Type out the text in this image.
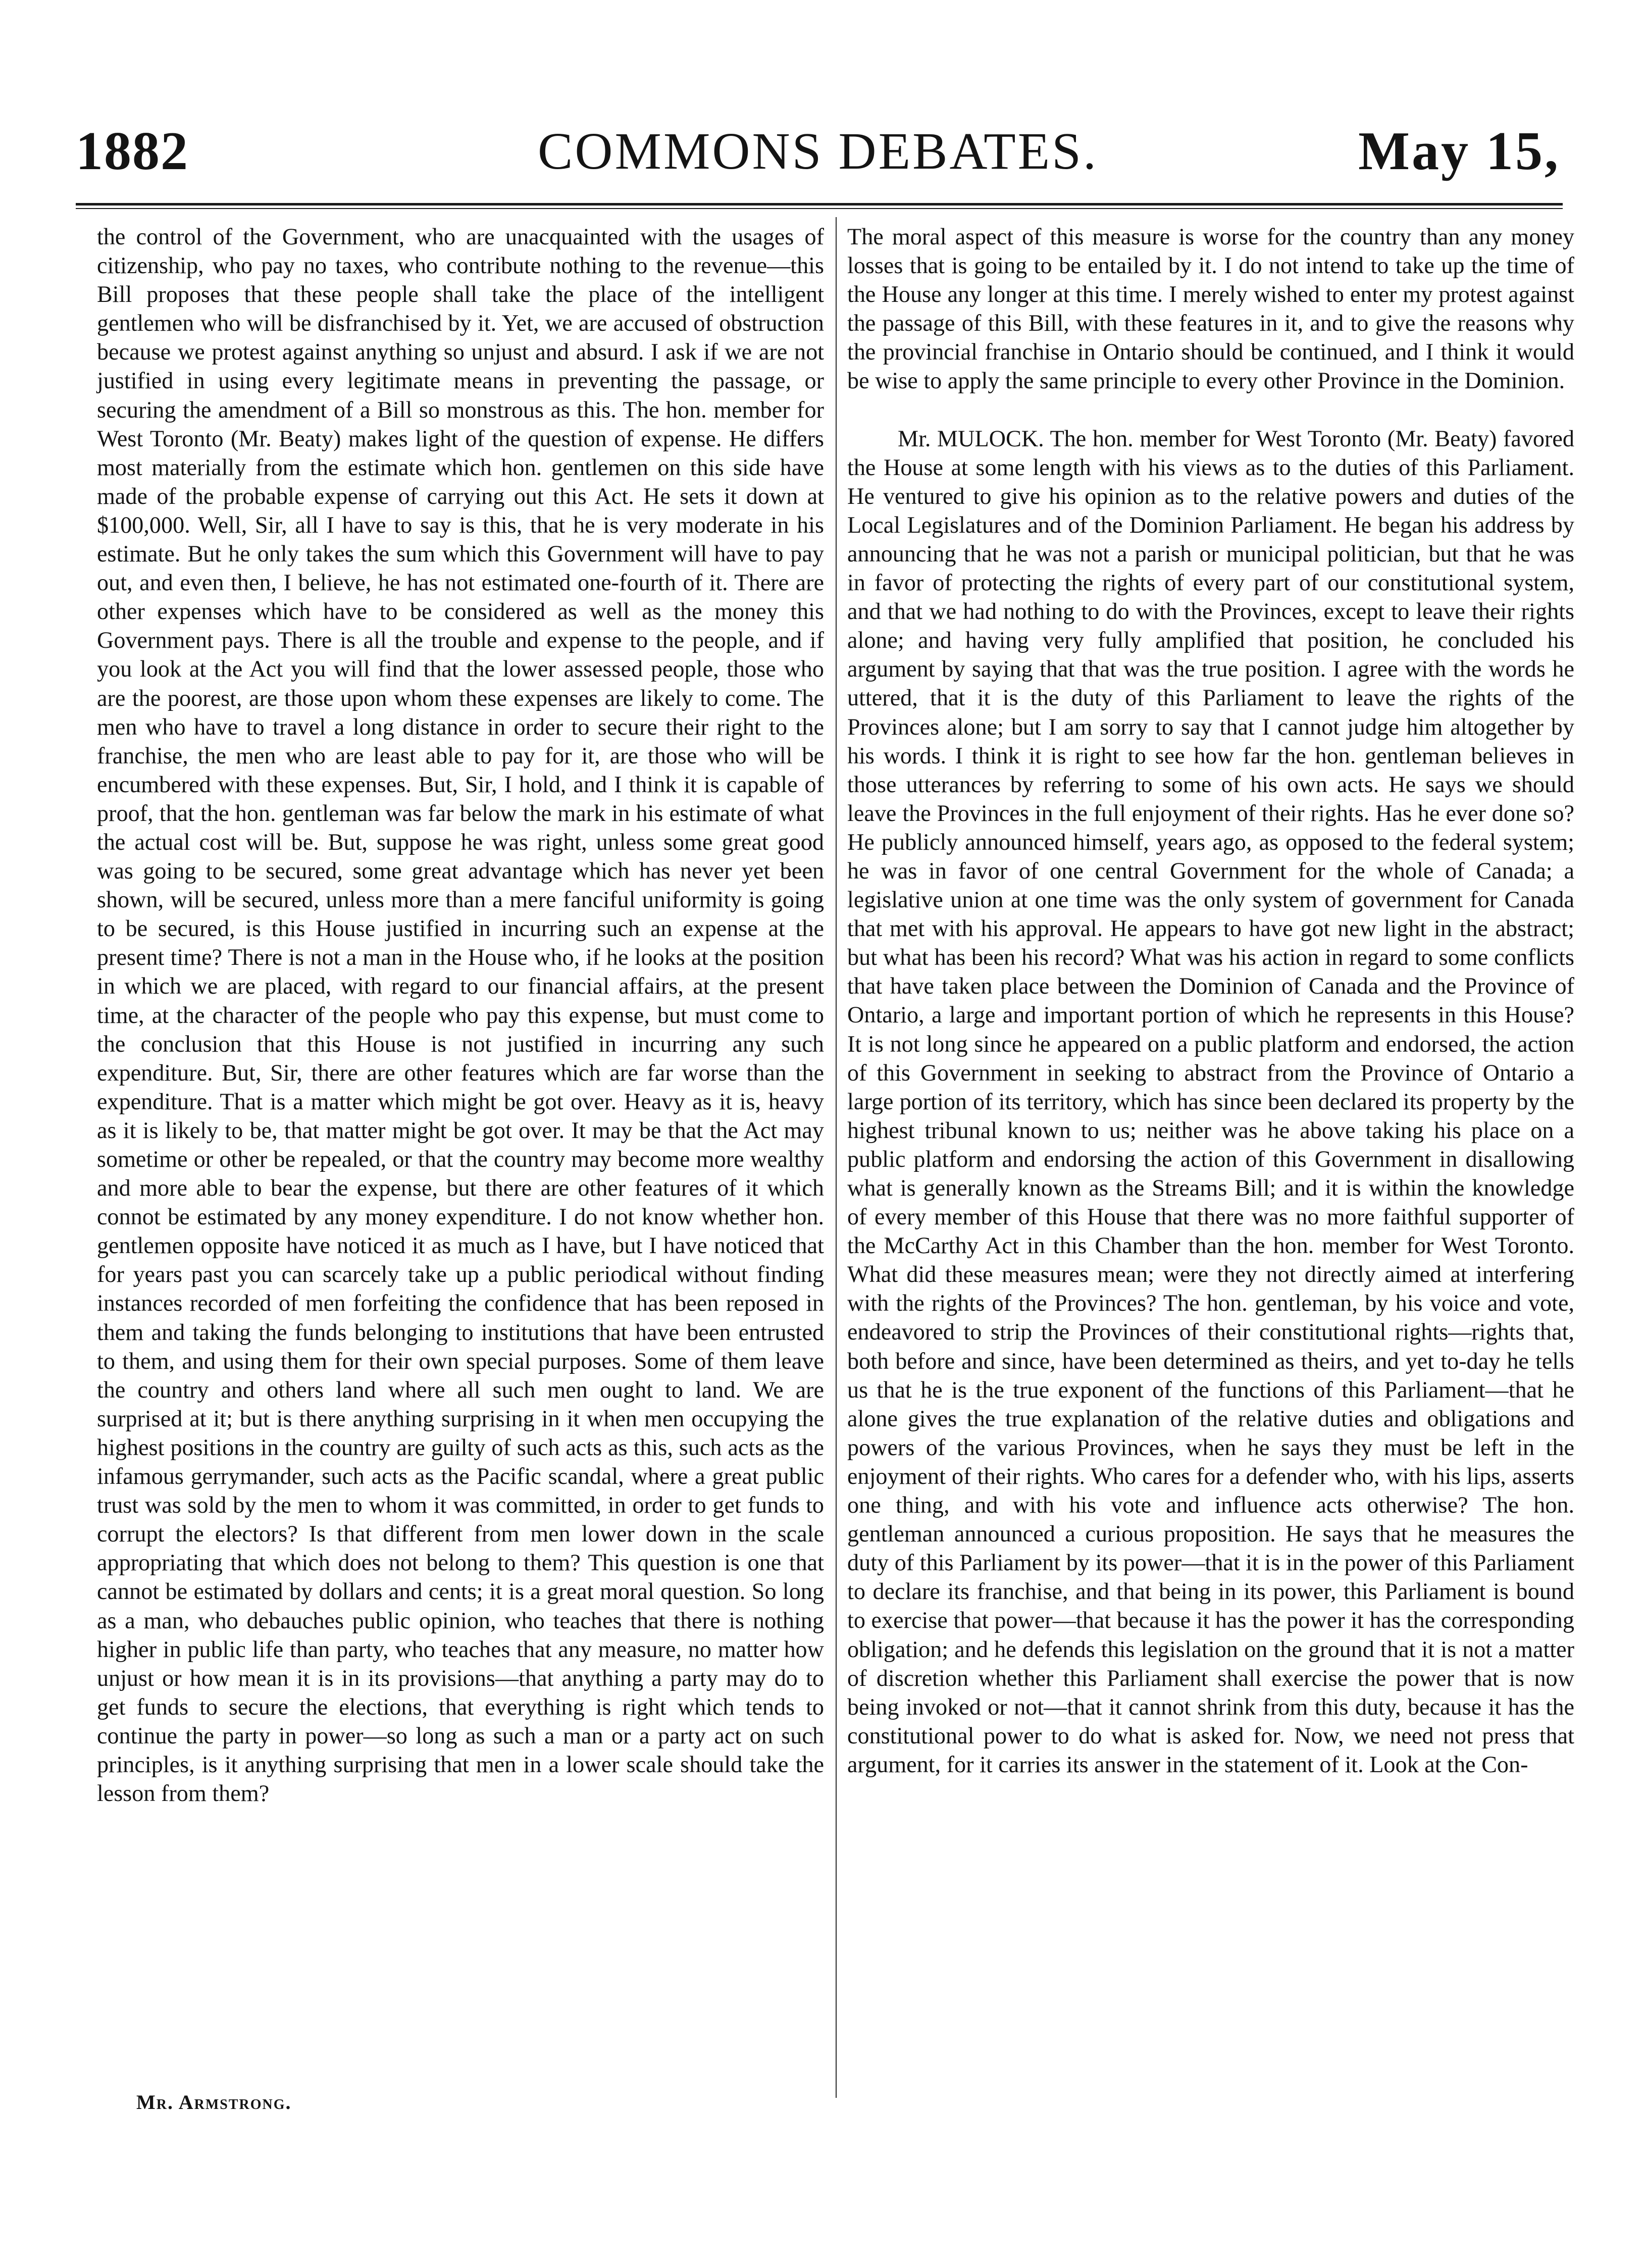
1882	COMMONS DEBATES.	May 15,

the control of the Government, who are unacquainted with the usages of citizenship, who pay no taxes, who contribute nothing to the revenue—this Bill proposes that these people shall take the place of the intelligent gentlemen who will be disfranchised by it. Yet, we are accused of obstruction because we protest against anything so unjust and absurd. I ask if we are not justified in using every legitimate means in preventing the passage, or securing the amendment of a Bill so monstrous as this. The hon. member for West Toronto (Mr. Beaty) makes light of the question of expense. He differs most materially from the estimate which hon. gentlemen on this side have made of the probable expense of carrying out this Act. He sets it down at $100,000. Well, Sir, all I have to say is this, that he is very moderate in his estimate. But he only takes the sum which this Government will have to pay out, and even then, I believe, he has not estimated one-fourth of it. There are other expenses which have to be considered as well as the money this Government pays. There is all the trouble and expense to the people, and if you look at the Act you will find that the lower assessed people, those who are the poorest, are those upon whom these expenses are likely to come. The men who have to travel a long distance in order to secure their right to the franchise, the men who are least able to pay for it, are those who will be encumbered with these expenses. But, Sir, I hold, and I think it is capable of proof, that the hon. gentleman was far below the mark in his estimate of what the actual cost will be. But, suppose he was right, unless some great good was going to be secured, some great advantage which has never yet been shown, will be secured, unless more than a mere fanciful uniformity is going to be secured, is this House justified in incurring such an expense at the present time? There is not a man in the House who, if he looks at the position in which we are placed, with regard to our financial affairs, at the present time, at the character of the people who pay this expense, but must come to the conclusion that this House is not justified in incurring any such expenditure. But, Sir, there are other features which are far worse than the expenditure. That is a matter which might be got over. Heavy as it is, heavy as it is likely to be, that matter might be got over. It may be that the Act may sometime or other be repealed, or that the country may become more wealthy and more able to bear the expense, but there are other features of it which connot be estimated by any money expenditure. I do not know whether hon. gentlemen opposite have noticed it as much as I have, but I have noticed that for years past you can scarcely take up a public periodical without finding instances recorded of men forfeiting the confidence that has been reposed in them and taking the funds belonging to institutions that have been entrusted to them, and using them for their own special purposes. Some of them leave the country and others land where all such men ought to land. We are surprised at it; but is there anything surprising in it when men occupying the highest positions in the country are guilty of such acts as this, such acts as the infamous gerrymander, such acts as the Pacific scandal, where a great public trust was sold by the men to whom it was committed, in order to get funds to corrupt the electors? Is that different from men lower down in the scale appropriating that which does not belong to them? This question is one that cannot be estimated by dollars and cents; it is a great moral question. So long as a man, who debauches public opinion, who teaches that there is nothing higher in public life than party, who teaches that any measure, no matter how unjust or how mean it is in its provisions—that anything a party may do to get funds to secure the elections, that everything is right which tends to continue the party in power—so long as such a man or a party act on such principles, is it anything surprising that men in a lower scale should take the lesson from them?

The moral aspect of this measure is worse for the country than any money losses that is going to be entailed by it. I do not intend to take up the time of the House any longer at this time. I merely wished to enter my protest against the passage of this Bill, with these features in it, and to give the reasons why the provincial franchise in Ontario should be continued, and I think it would be wise to apply the same principle to every other Province in the Dominion.

Mr. MULOCK. The hon. member for West Toronto (Mr. Beaty) favored the House at some length with his views as to the duties of this Parliament. He ventured to give his opinion as to the relative powers and duties of the Local Legislatures and of the Dominion Parliament. He began his address by announcing that he was not a parish or municipal politician, but that he was in favor of protecting the rights of every part of our constitutional system, and that we had nothing to do with the Provinces, except to leave their rights alone; and having very fully amplified that position, he concluded his argument by saying that that was the true position. I agree with the words he uttered, that it is the duty of this Parliament to leave the rights of the Provinces alone; but I am sorry to say that I cannot judge him altogether by his words. I think it is right to see how far the hon. gentleman believes in those utterances by referring to some of his own acts. He says we should leave the Provinces in the full enjoyment of their rights. Has he ever done so? He publicly announced himself, years ago, as opposed to the federal system; he was in favor of one central Government for the whole of Canada; a legislative union at one time was the only system of government for Canada that met with his approval. He appears to have got new light in the abstract; but what has been his record? What was his action in regard to some conflicts that have taken place between the Dominion of Canada and the Province of Ontario, a large and important portion of which he represents in this House? It is not long since he appeared on a public platform and endorsed, the action of this Government in seeking to abstract from the Province of Ontario a large portion of its territory, which has since been declared its property by the highest tribunal known to us; neither was he above taking his place on a public platform and endorsing the action of this Government in disallowing what is generally known as the Streams Bill; and it is within the knowledge of every member of this House that there was no more faithful supporter of the McCarthy Act in this Chamber than the hon. member for West Toronto. What did these measures mean; were they not directly aimed at interfering with the rights of the Provinces? The hon. gentleman, by his voice and vote, endeavored to strip the Provinces of their constitutional rights—rights that, both before and since, have been determined as theirs, and yet to-day he tells us that he is the true exponent of the functions of this Parliament—that he alone gives the true explanation of the relative duties and obligations and powers of the various Provinces, when he says they must be left in the enjoyment of their rights. Who cares for a defender who, with his lips, asserts one thing, and with his vote and influence acts otherwise? The hon. gentleman announced a curious proposition. He says that he measures the duty of this Parliament by its power—that it is in the power of this Parliament to declare its franchise, and that being in its power, this Parliament is bound to exercise that power—that because it has the power it has the corresponding obligation; and he defends this legislation on the ground that it is not a matter of discretion whether this Parliament shall exercise the power that is now being invoked or not—that it cannot shrink from this duty, because it has the constitutional power to do what is asked for. Now, we need not press that argument, for it carries its answer in the statement of it. Look at the Con-

Mr. Armstrong.
